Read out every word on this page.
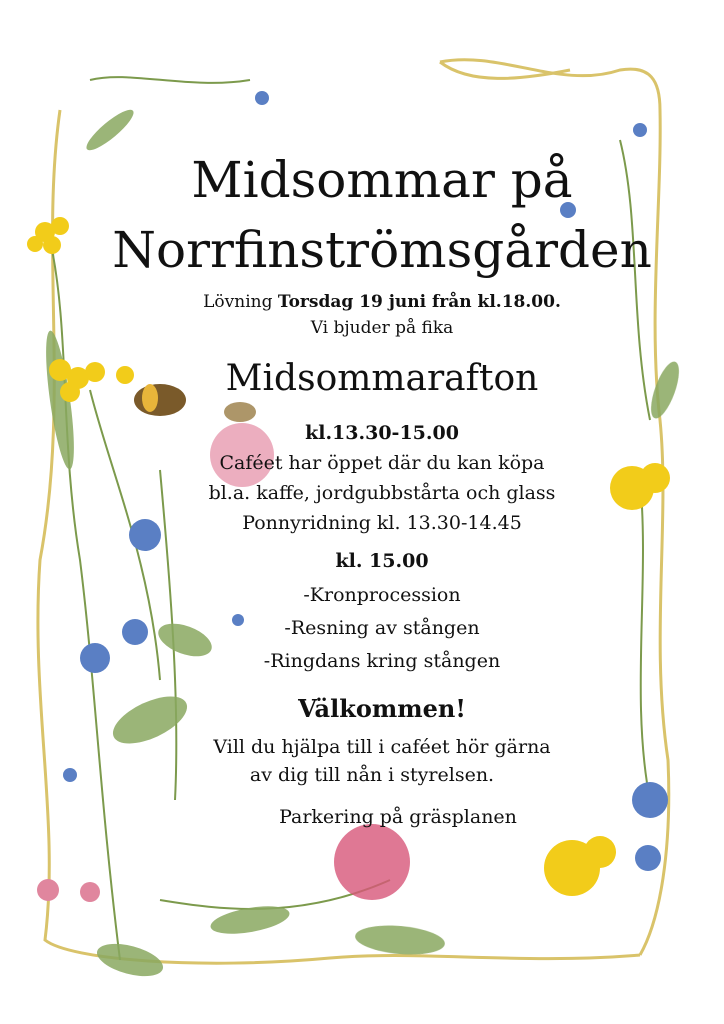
Midsommar på
Norrfinströmsgården
Lövning Torsdag 19 juni från kl.18.00.
Vi bjuder på fika
Midsommarafton
kl.13.30-15.00
Caféet har öppet där du kan köpa
bl.a. kaffe, jordgubbstårta och glass
Ponnyridning kl. 13.30-14.45
kl. 15.00
-Kronprocession
-Resning av stången
-Ringdans kring stången
Välkommen!
Vill du hjälpa till i caféet hör gärna
av dig till nån i styrelsen.
Parkering på gräsplanen
